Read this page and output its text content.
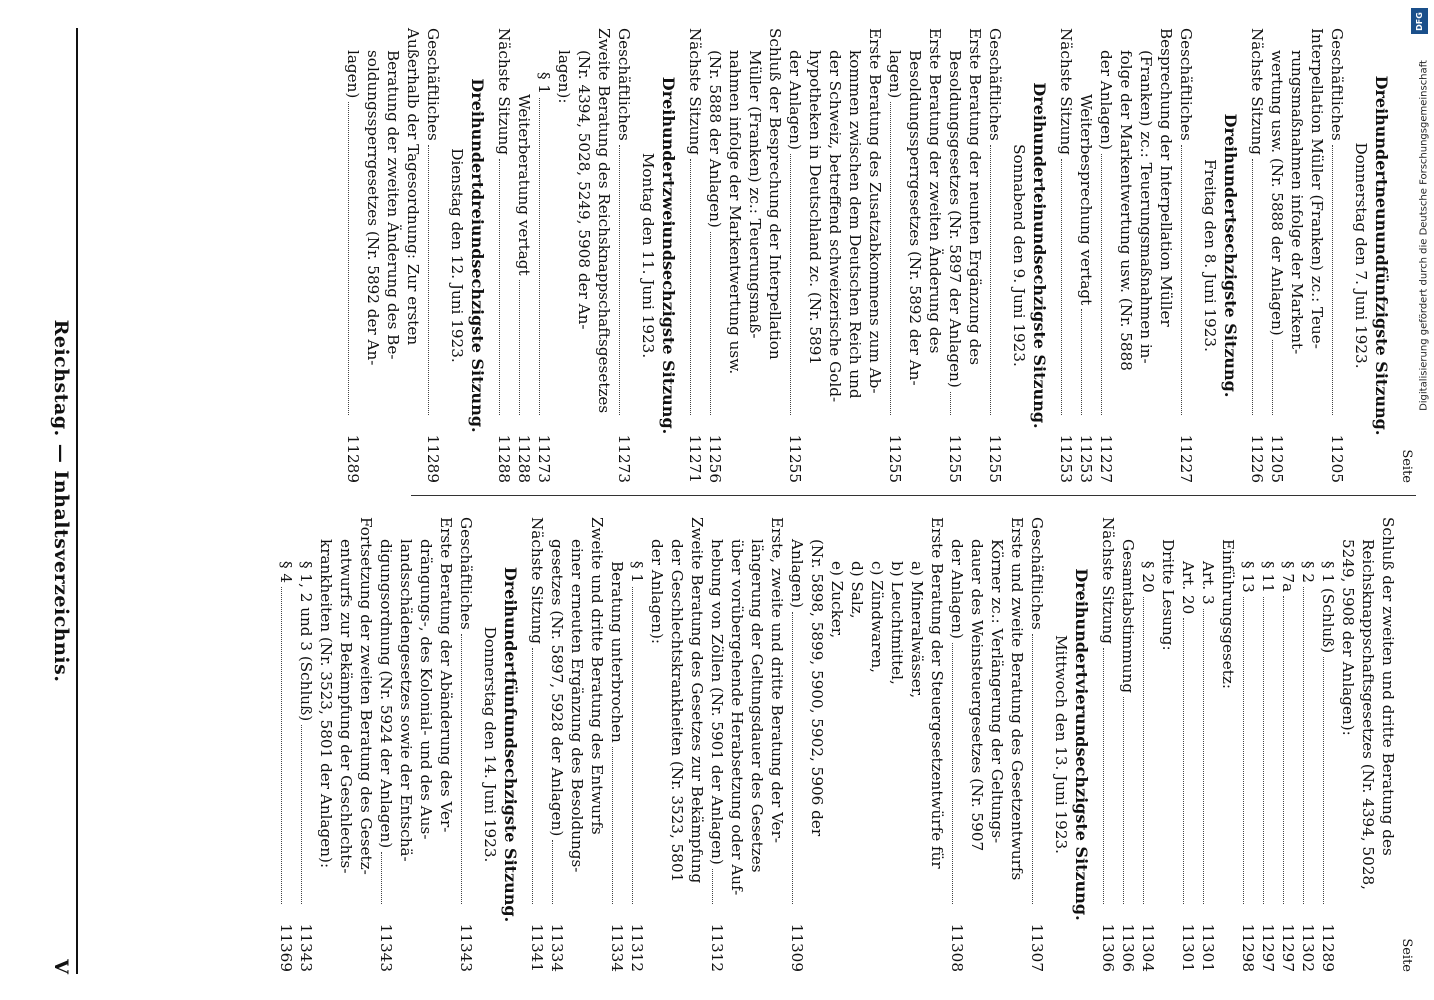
Seite
Dreihundertneunundfünfzigste Sitzung.
Donnerstag den 7. Juni 1923.
Geschäftliches
11205
Interpellation Müller (Franken) zc.: Teue-
rungsmaßnahmen infolge der Markent-
wertung usw. (Nr. 5888 der Anlagen)
11205
Nächste Sitzung
11226
Dreihundertsechzigste Sitzung.
Freitag den 8. Juni 1923.
Geschäftliches
11227
Besprechung der Interpellation Müller
(Franken) zc.: Teuerungsmaßnahmen in-
folge der Markentwertung usw. (Nr. 5888
der Anlagen)
11227
Weiterbesprechung vertagt
11253
Nächste Sitzung
11253
Dreihunderteinundsechzigste Sitzung.
Sonnabend den 9. Juni 1923.
Geschäftliches
11255
Erste Beratung der neunten Ergänzung des
Besoldungsgesetzes (Nr. 5897 der Anlagen)
11255
Erste Beratung der zweiten Änderung des
Besoldungssperrgesetzes (Nr. 5892 der An-
lagen)
11255
Erste Beratung des Zusatzabkommens zum Ab-
kommen zwischen dem Deutschen Reich und
der Schweiz, betreffend schweizerische Gold-
hypotheken in Deutschland zc. (Nr. 5891
der Anlagen)
11255
Schluß der Besprechung der Interpellation
Müller (Franken) zc.: Teuerungsmaß-
nahmen infolge der Markentwertung usw.
(Nr. 5888 der Anlagen)
11256
Nächste Sitzung
11271
Dreihundertzweiundsechzigste Sitzung.
Montag den 11. Juni 1923.
Geschäftliches
11273
Zweite Beratung des Reichsknappschaftsgesetzes
(Nr. 4394, 5028, 5249, 5908 der An-
lagen):
§ 1
11273
Weiterberatung vertagt
11288
Nächste Sitzung
11288
Dreihundertdreiundsechzigste Sitzung.
Dienstag den 12. Juni 1923.
Geschäftliches
11289
Außerhalb der Tagesordnung: Zur ersten
Beratung der zweiten Änderung des Be-
soldungssperrgesetzes (Nr. 5892 der An-
lagen)
11289
Seite
Schluß der zweiten und dritte Beratung des
Reichsknappschaftsgesetzes (Nr. 4394, 5028,
5249, 5908 der Anlagen):
§ 1 (Schluß)
11289
§ 2
11302
§ 7a
11297
§ 11
11297
§ 13
11298
Einführungsgesetz:
Art. 3
11301
Art. 20
11301
Dritte Lesung:
§ 20
11304
Gesamtabstimmung
11306
Nächste Sitzung
11306
Dreihundertvierundsechzigste Sitzung.
Mittwoch den 13. Juni 1923.
Geschäftliches
11307
Erste und zweite Beratung des Gesetzentwurfs
Körner zc.: Verlängerung der Geltungs-
dauer des Weinsteuergesetzes (Nr. 5907
der Anlagen)
11308
Erste Beratung der Steuergesetzentwürfe für
a) Mineralwässer,
b) Leuchtmittel,
c) Zündwaren,
d) Salz,
e) Zucker,
(Nr. 5898, 5899, 5900, 5902, 5906 der
Anlagen)
11309
Erste, zweite und dritte Beratung der Ver-
längerung der Geltungsdauer des Gesetzes
über vorübergehende Herabsetzung oder Auf-
hebung von Zöllen (Nr. 5901 der Anlagen)
11312
Zweite Beratung des Gesetzes zur Bekämpfung
der Geschlechtskrankheiten (Nr. 3523, 5801
der Anlagen):
§ 1
11312
Beratung unterbrochen
11334
Zweite und dritte Beratung des Entwurfs
einer erneuten Ergänzung des Besoldungs-
gesetzes (Nr. 5897, 5928 der Anlagen)
11334
Nächste Sitzung
11341
Dreihundertfünfundsechzigste Sitzung.
Donnerstag den 14. Juni 1923.
Geschäftliches
11343
Erste Beratung der Abänderung des Ver-
drängungs-, des Kolonial- und des Aus-
landsschädengesetzes sowie der Entschä-
digungsordnung (Nr. 5924 der Anlagen)
11343
Fortsetzung der zweiten Beratung des Gesetz-
entwurfs zur Bekämpfung der Geschlechts-
krankheiten (Nr. 3523, 5801 der Anlagen):
§ 1, 2 und 3 (Schluß)
11343
§ 4
11369
Reichstag. — Inhaltsverzeichnis.
V
Digitalisierung gefördert durch die Deutsche Forschungsgemeinschaft
DFG
